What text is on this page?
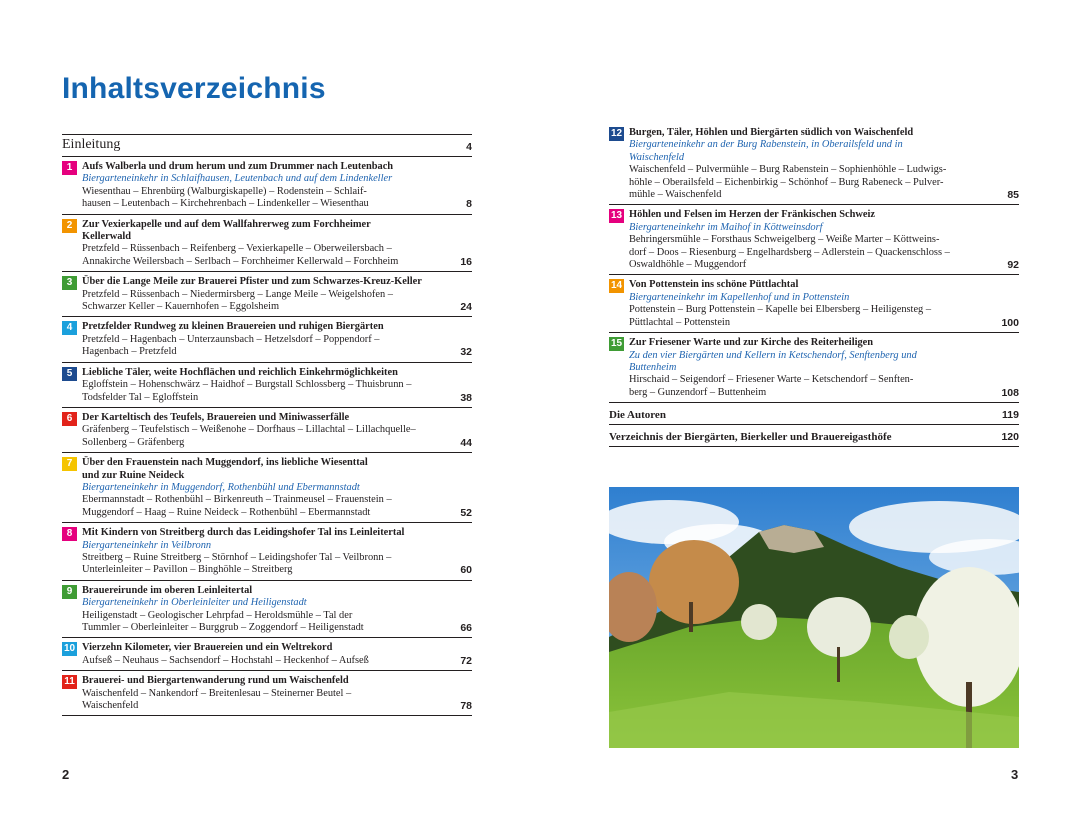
Inhaltsverzeichnis
Einleitung	4
1 Aufs Walberla und drum herum und zum Drummer nach Leutenbach
Biergarteneinkehr in Schlaifhausen, Leutenbach und auf dem Lindenkeller
Wiesenthau – Ehrenbürg (Walburgiskapelle) – Rodenstein – Schlaif-
hausen – Leutenbach – Kirchehrenbach – Lindenkeller – Wiesenthau	8
2 Zur Vexierkapelle und auf dem Wallfahrerweg zum Forchheimer
Kellerwald
Pretzfeld – Rüssenbach – Reifenberg – Vexierkapelle – Oberweilersbach –
Annakirche Weilersbach – Serlbach – Forchheimer Kellerwald – Forchheim	16
3 Über die Lange Meile zur Brauerei Pfister und zum Schwarzes-Kreuz-Keller
Pretzfeld – Rüssenbach – Niedermirsberg – Lange Meile – Weigelshofen –
Schwarzer Keller – Kauernhofen – Eggolsheim	24
4 Pretzfelder Rundweg zu kleinen Brauereien und ruhigen Biergärten
Pretzfeld – Hagenbach – Unterzaunsbach – Hetzelsdorf – Poppendorf –
Hagenbach – Pretzfeld	32
5 Liebliche Täler, weite Hochflächen und reichlich Einkehrmöglichkeiten
Egloffstein – Hohenschwärz – Haidhof – Burgstall Schlossberg – Thuisbrunn –
Todsfelder Tal – Egloffstein	38
6 Der Karteltisch des Teufels, Brauereien und Miniwasserfälle
Gräfenberg – Teufelstisch – Weißenohe – Dorfhaus – Lillachtal – Lillachquelle–
Sollenberg – Gräfenberg	44
7 Über den Frauenstein nach Muggendorf, ins liebliche Wiesenttal
und zur Ruine Neideck
Biergarteneinkehr in Muggendorf, Rothenbühl und Ebermannstadt
Ebermannstadt – Rothenbühl – Birkenreuth – Trainmeusel – Frauenstein –
Muggendorf – Haag – Ruine Neideck – Rothenbühl – Ebermannstadt	52
8 Mit Kindern von Streitberg durch das Leidingshofer Tal ins Leinleitertal
Biergarteneinkehr in Veilbronn
Streitberg – Ruine Streitberg – Störnhof – Leidingshofer Tal – Veilbronn –
Unterleinleiter – Pavillon – Binghöhle – Streitberg	60
9 Brauereirunde im oberen Leinleitertal
Biergarteneinkehr in Oberleinleiter und Heiligenstadt
Heiligenstadt – Geologischer Lehrpfad – Heroldsmühle – Tal der
Tummler – Oberleinleiter – Burggrub – Zoggendorf – Heiligenstadt	66
10 Vierzehn Kilometer, vier Brauereien und ein Weltrekord
Aufseß – Neuhaus – Sachsendorf – Hochstahl – Heckenhof – Aufseß	72
11 Brauerei- und Biergartenwanderung rund um Waischenfeld
Waischenfeld – Nankendorf – Breitenlesau – Steinerner Beutel –
Waischenfeld	78
12 Burgen, Täler, Höhlen und Biergärten südlich von Waischenfeld
Biergarteneinkehr an der Burg Rabenstein, in Oberailsfeld und in
Waischenfeld
Waischenfeld – Pulvermühle – Burg Rabenstein – Sophienhöhle – Ludwigs-
höhle – Oberailsfeld – Eichenbirkig – Schönhof – Burg Rabeneck – Pulver-
mühle – Waischenfeld	85
13 Höhlen und Felsen im Herzen der Fränkischen Schweiz
Biergarteneinkehr im Maihof in Köttweinsdorf
Behringersmühle – Forsthaus Schweigelberg – Weiße Marter – Köttweins-
dorf – Doos – Riesenburg – Engelhardsberg – Adlerstein – Quackenschloss –
Oswaldhöhle – Muggendorf	92
14 Von Pottenstein ins schöne Püttlachtal
Biergarteneinkehr im Kapellenhof und in Pottenstein
Pottenstein – Burg Pottenstein – Kapelle bei Elbersberg – Heiligensteg –
Püttlachtal – Pottenstein	100
15 Zur Friesener Warte und zur Kirche des Reiterheiligen
Zu den vier Biergärten und Kellern in Ketschendorf, Senftenberg und
Buttenheim
Hirschaid – Seigendorf – Friesener Warte – Ketschendorf – Senften-
berg – Gunzendorf – Buttenheim	108
Die Autoren	119
Verzeichnis der Biergärten, Bierkeller und Brauereigasthöfe	120
2	3
